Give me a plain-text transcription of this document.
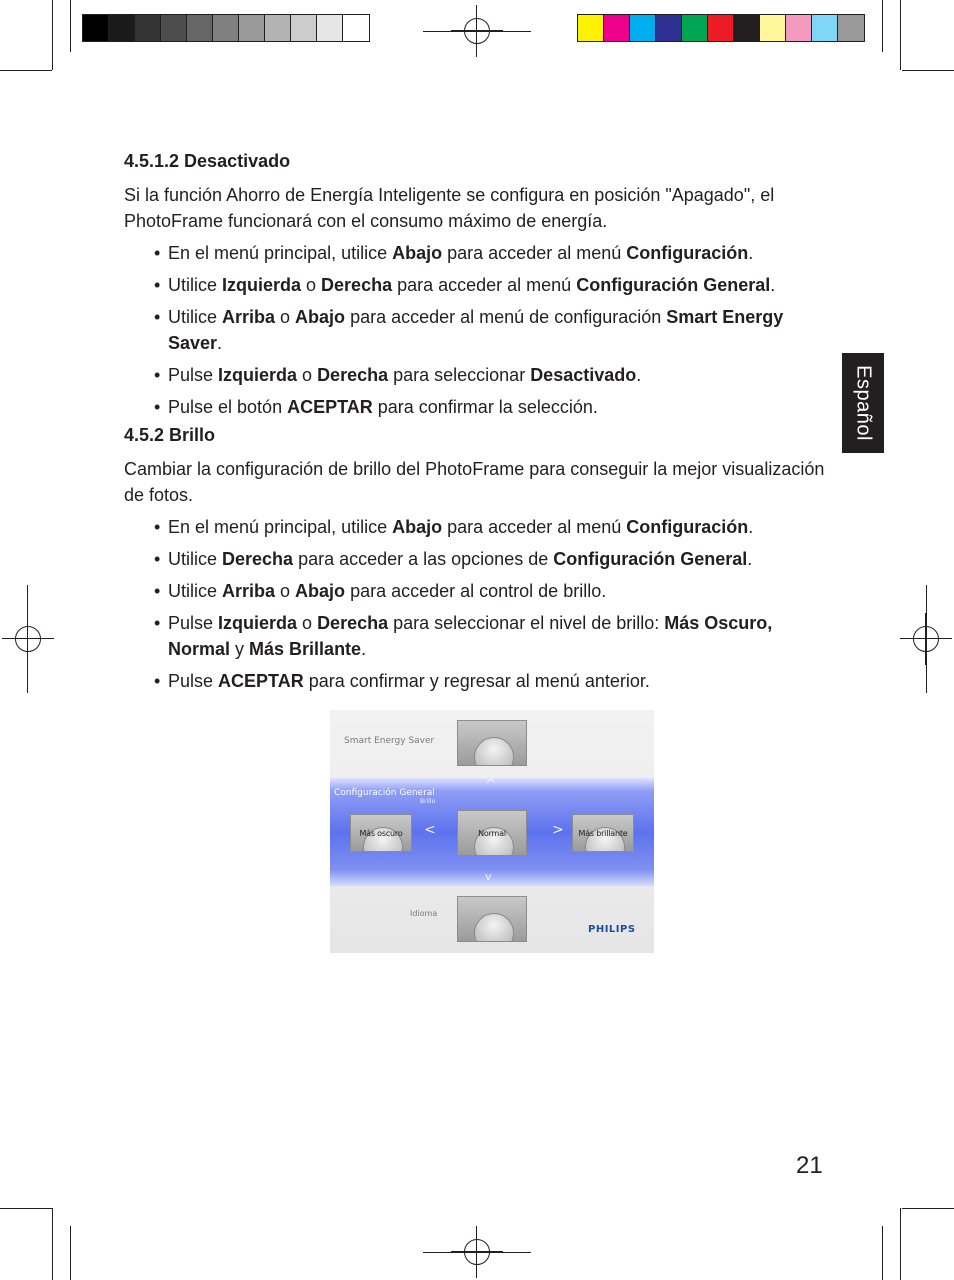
Español

4.5.1.2 Desactivado

Si la función Ahorro de Energía Inteligente se configura en posición "Apagado", el PhotoFrame funcionará con el consumo máximo de energía.

• En el menú principal, utilice Abajo para acceder al menú Configuración.
• Utilice Izquierda o Derecha para acceder al menú Configuración General.
• Utilice Arriba o Abajo para acceder al menú de configuración Smart Energy Saver.
• Pulse Izquierda o Derecha para seleccionar Desactivado.
• Pulse el botón ACEPTAR para confirmar la selección.

4.5.2 Brillo

Cambiar la configuración de brillo del PhotoFrame para conseguir la mejor visualización de fotos.

• En el menú principal, utilice Abajo para acceder al menú Configuración.
• Utilice Derecha para acceder a las opciones de Configuración General.
• Utilice Arriba o Abajo para acceder al control de brillo.
• Pulse Izquierda o Derecha para seleccionar el nivel de brillo: Más Oscuro, Normal y Más Brillante.
• Pulse ACEPTAR para confirmar y regresar al menú anterior.
Smart Energy Saver
Configuración General
Brillo
^
v
<	>
Más oscuro	Normal	Más brillante
Idioma
PHILIPS
21
